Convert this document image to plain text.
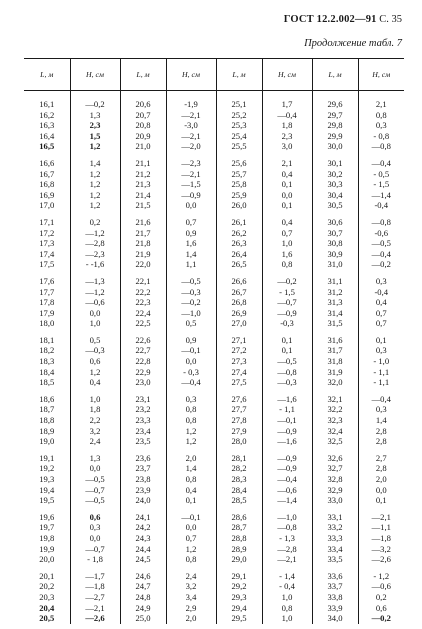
ГОСТ 12.2.002—91 С. 35
Продолжение табл. 7
L, м	H, см	L, м	H, см	L, м	H, см	L, м	H, см

16,1	—0,2	20,6	-1,9	25,1	1,7	29,6	2,1
16,2	1,3	20,7	—2,1	25,2	—0,4	29,7	0,8
16,3	2,3	20,8	-3,0	25,3	1,8	29,8	0,3
16,4	1,5	20,9	—2,1	25,4	2,3	29,9	- 0,8
16,5	1,2	21,0	—2,0	25,5	3,0	30,0	—0,8

16,6	1,4	21,1	—2,3	25,6	2,1	30,1	—0,4
16,7	1,2	21,2	—2,1	25,7	0,4	30,2	- 0,5
16,8	1,2	21,3	—1,5	25,8	0,1	30,3	- 1,5
16,9	1,2	21,4	—0,9	25,9	0,0	30,4	—1,4
17,0	1,2	21,5	0,0	26,0	0,1	30,5	-0,4

17,1	0,2	21,6	0,7	26,1	0,4	30,6	—0,8
17,2	—1,2	21,7	0,9	26,2	0,7	30,7	-0,6
17,3	—2,8	21,8	1,6	26,3	1,0	30,8	—0,5
17,4	—2,3	21,9	1,4	26,4	1,6	30,9	—0,4
17,5	- -1,6	22,0	1,1	26,5	0,8	31,0	—0,2

17,6	—1,3	22,1	—0,5	26,6	—0,2	31,1	0,3
17,7	—1,2	22,2	—0,3	26,7	- 1,5	31,2	-0,4
17,8	—0,6	22,3	—0,2	26,8	—0,7	31,3	0,4
17,9	0,0	22,4	—1,0	26,9	—0,9	31,4	0,7
18,0	1,0	22,5	0,5	27,0	-0,3	31,5	0,7

18,1	0,5	22,6	0,9	27,1	0,1	31,6	0,1
18,2	—0,3	22,7	—0,1	27,2	0,1	31,7	0,3
18,3	0,6	22,8	0,0	27,3	—0,5	31,8	- 1,0
18,4	1,2	22,9	- 0,3	27,4	—0,8	31,9	- 1,1
18,5	0,4	23,0	—0,4	27,5	—0,3	32,0	- 1,1

18,6	1,0	23,1	0,3	27,6	—1,6	32,1	—0,4
18,7	1,8	23,2	0,8	27,7	- 1,1	32,2	0,3
18,8	2,2	23,3	0,8	27,8	—0,1	32,3	1,4
18,9	3,2	23,4	1,2	27,9	—0,9	32,4	2,8
19,0	2,4	23,5	1,2	28,0	—1,6	32,5	2,8

19,1	1,3	23,6	2,0	28,1	—0,9	32,6	2,7
19,2	0,0	23,7	1,4	28,2	—0,9	32,7	2,8
19,3	—0,5	23,8	0,8	28,3	—0,4	32,8	2,0
19,4	—0,7	23,9	0,4	28,4	—0,6	32,9	0,0
19,5	—0,5	24,0	0,1	28,5	—1,4	33,0	0,1

19,6	0,6	24,1	—0,1	28,6	—1,0	33,1	—2,1
19,7	0,3	24,2	0,0	28,7	—0,8	33,2	—1,1
19,8	0,0	24,3	0,7	28,8	- 1,3	33,3	—1,8
19,9	—0,7	24,4	1,2	28,9	—2,8	33,4	—3,2
20,0	- 1,8	24,5	0,8	29,0	—2,1	33,5	—2,6

20,1	—1,7	24,6	2,4	29,1	- 1,4	33,6	- 1,2
20,2	—1,8	24,7	3,2	29,2	- 0,4	33,7	—0,6
20,3	—2,7	24,8	3,4	29,3	1,0	33,8	0,2
20,4	—2,1	24,9	2,9	29,4	0,8	33,9	0,6
20,5	—2,6	25,0	2,0	29,5	1,0	34,0	—0,2
